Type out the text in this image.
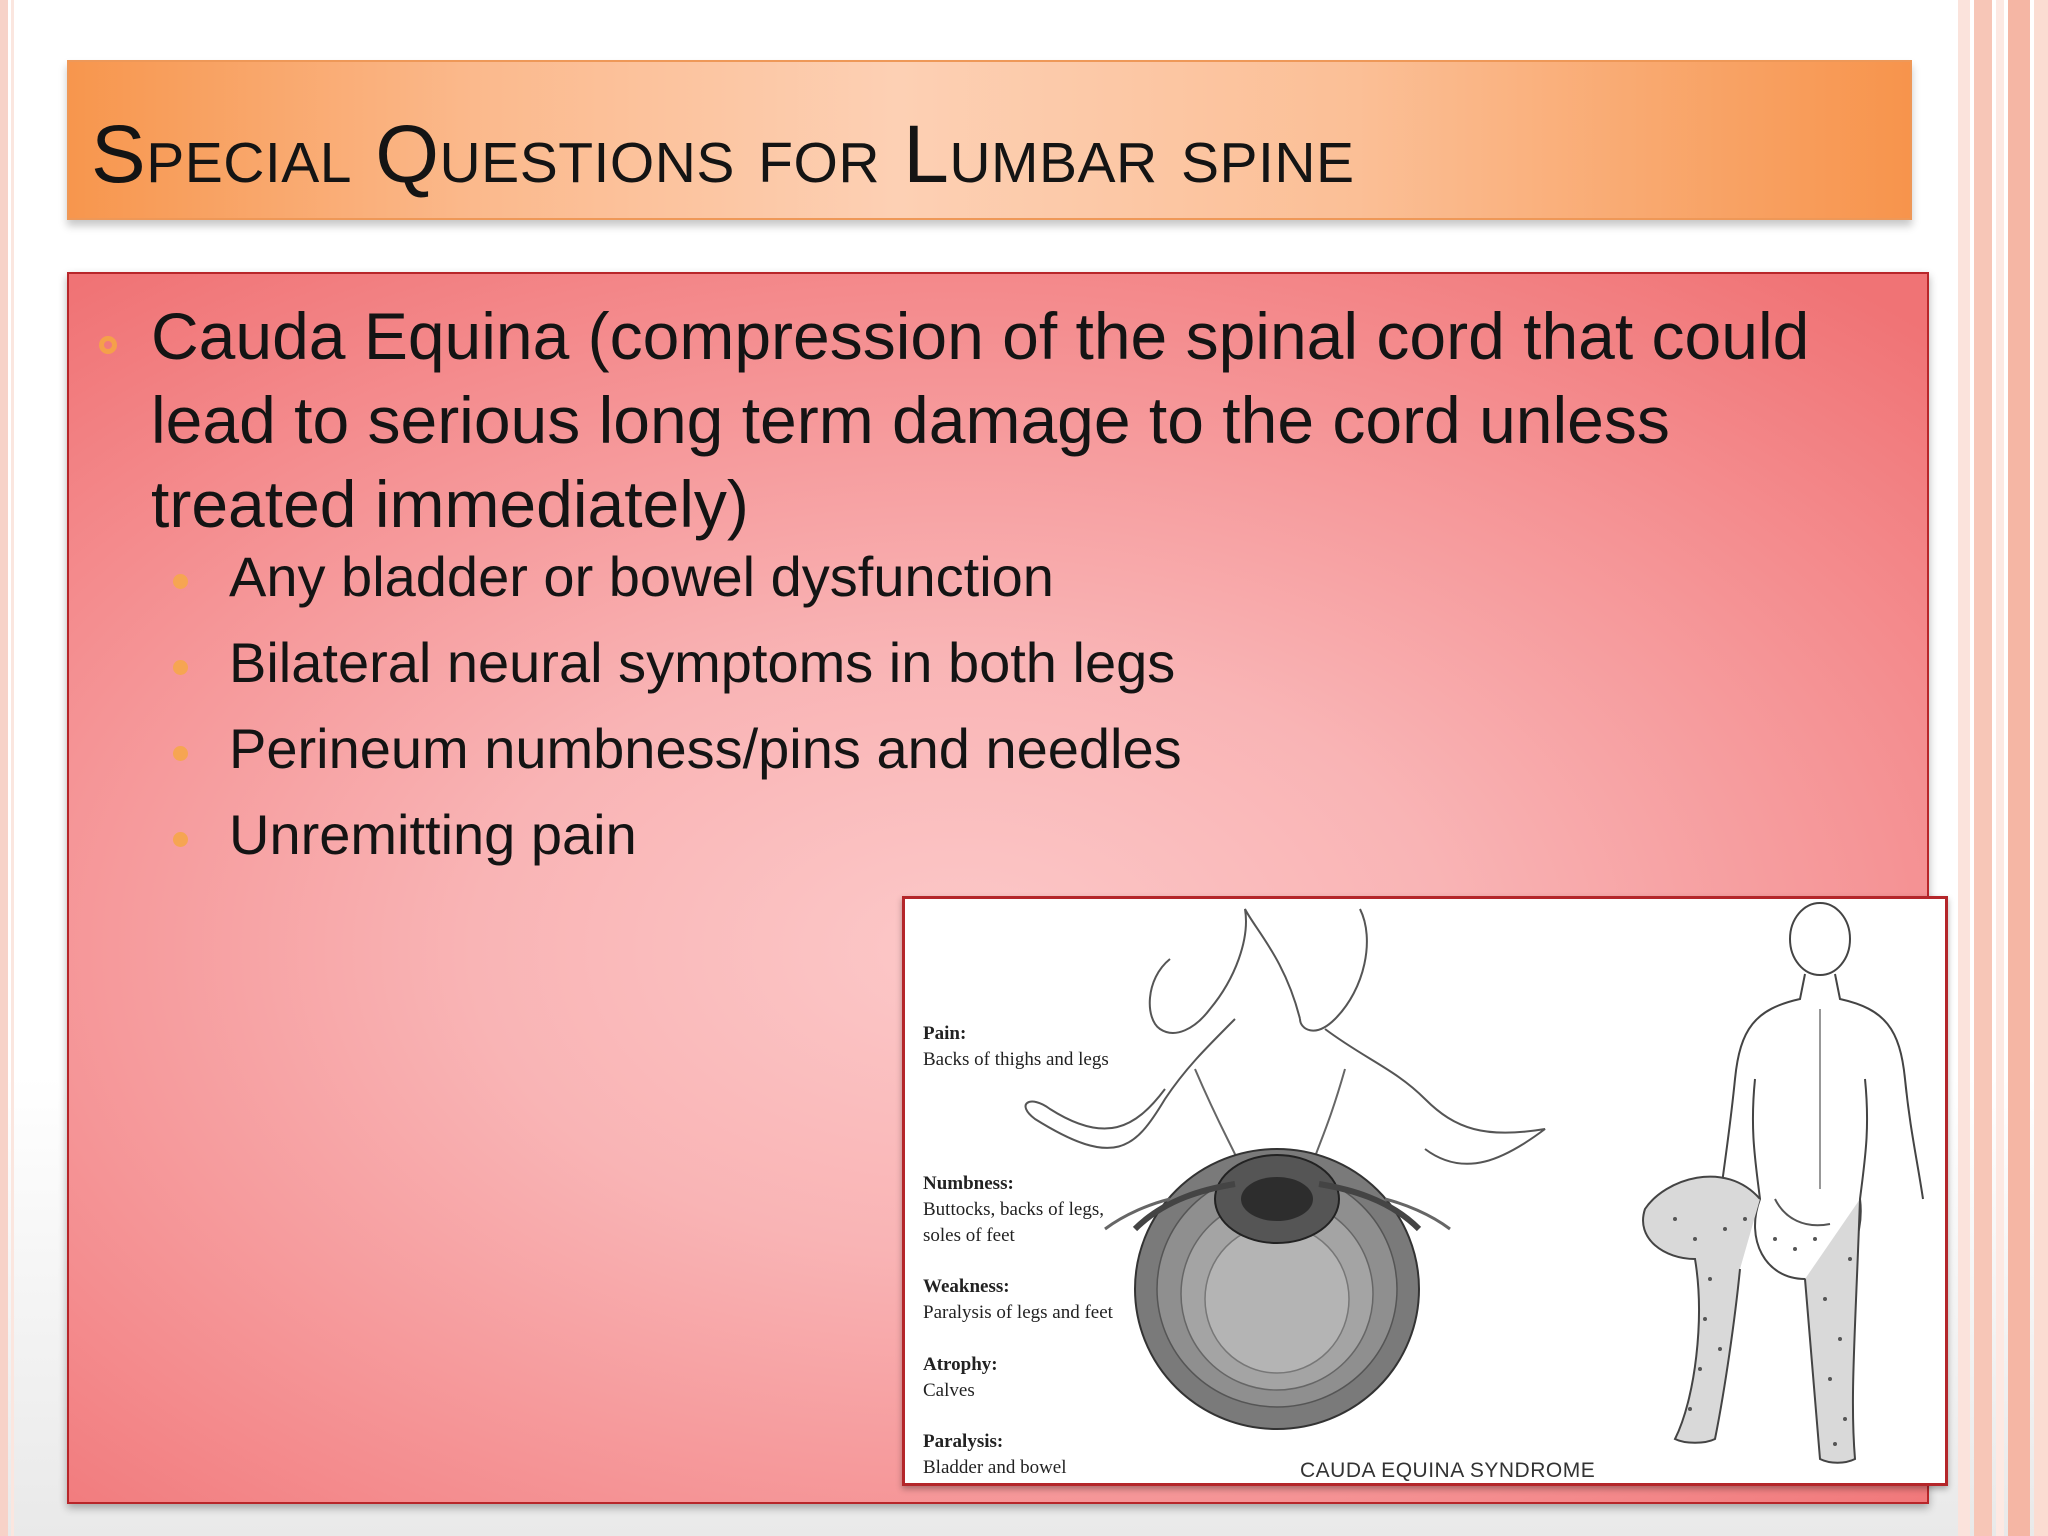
Special Questions for Lumbar spine

Cauda Equina (compression of the spinal cord that could lead to serious long term damage to the cord unless treated immediately)

Any bladder or bowel dysfunction
Bilateral neural symptoms in both legs
Perineum numbness/pins and needles
Unremitting pain
Pain:
Backs of thighs and legs
Numbness:
Buttocks, backs of legs,
soles of feet
Weakness:
Paralysis of legs and feet
Atrophy:
Calves
Paralysis:
Bladder and bowel	CAUDA EQUINA SYNDROME
